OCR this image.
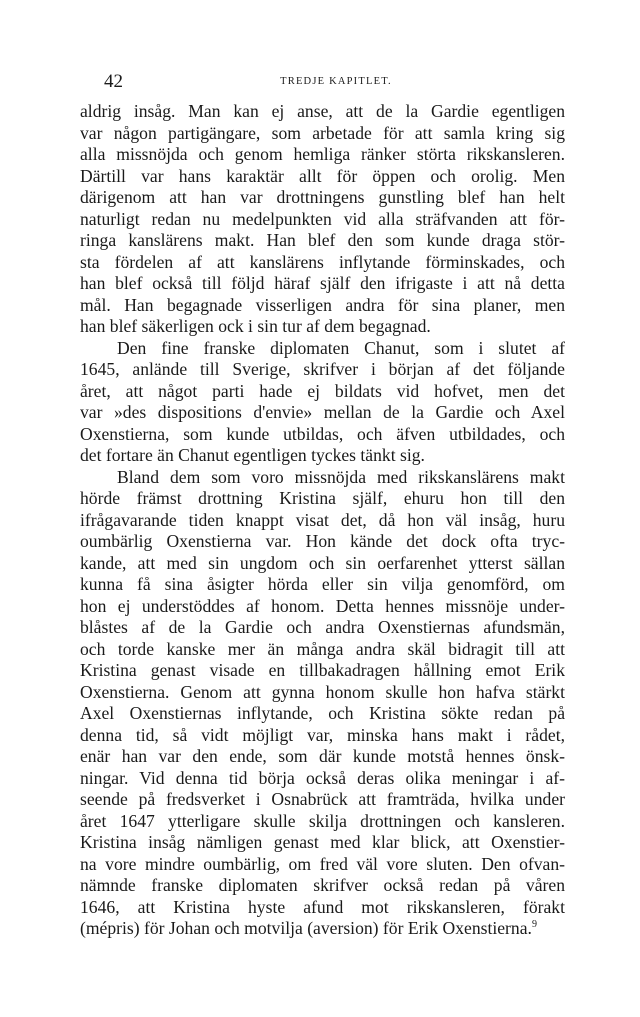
42	TREDJE KAPITLET.
aldrig insåg. Man kan ej anse, att de la Gardie egentligen
var någon partigängare, som arbetade för att samla kring sig
alla missnöjda och genom hemliga ränker störta rikskansleren.
Därtill var hans karaktär allt för öppen och orolig. Men
därigenom att han var drottningens gunstling blef han helt
naturligt redan nu medelpunkten vid alla sträfvanden att för-
ringa kanslärens makt. Han blef den som kunde draga stör-
sta fördelen af att kanslärens inflytande förminskades, och
han blef också till följd häraf själf den ifrigaste i att nå detta
mål. Han begagnade visserligen andra för sina planer, men
han blef säkerligen ock i sin tur af dem begagnad.
Den fine franske diplomaten Chanut, som i slutet af
1645, anlände till Sverige, skrifver i början af det följande
året, att något parti hade ej bildats vid hofvet, men det
var »des dispositions d'envie» mellan de la Gardie och Axel
Oxenstierna, som kunde utbildas, och äfven utbildades, och
det fortare än Chanut egentligen tyckes tänkt sig.
Bland dem som voro missnöjda med rikskanslärens makt
hörde främst drottning Kristina själf, ehuru hon till den
ifrågavarande tiden knappt visat det, då hon väl insåg, huru
oumbärlig Oxenstierna var. Hon kände det dock ofta tryc-
kande, att med sin ungdom och sin oerfarenhet ytterst sällan
kunna få sina åsigter hörda eller sin vilja genomförd, om
hon ej understöddes af honom. Detta hennes missnöje under-
blåstes af de la Gardie och andra Oxenstiernas afundsmän,
och torde kanske mer än många andra skäl bidragit till att
Kristina genast visade en tillbakadragen hållning emot Erik
Oxenstierna. Genom att gynna honom skulle hon hafva stärkt
Axel Oxenstiernas inflytande, och Kristina sökte redan på
denna tid, så vidt möjligt var, minska hans makt i rådet,
enär han var den ende, som där kunde motstå hennes önsk-
ningar. Vid denna tid börja också deras olika meningar i af-
seende på fredsverket i Osnabrück att framträda, hvilka under
året 1647 ytterligare skulle skilja drottningen och kansleren.
Kristina insåg nämligen genast med klar blick, att Oxenstier-
na vore mindre oumbärlig, om fred väl vore sluten. Den ofvan-
nämnde franske diplomaten skrifver också redan på våren
1646, att Kristina hyste afund mot rikskansleren, förakt
(mépris) för Johan och motvilja (aversion) för Erik Oxenstierna.$^9$
